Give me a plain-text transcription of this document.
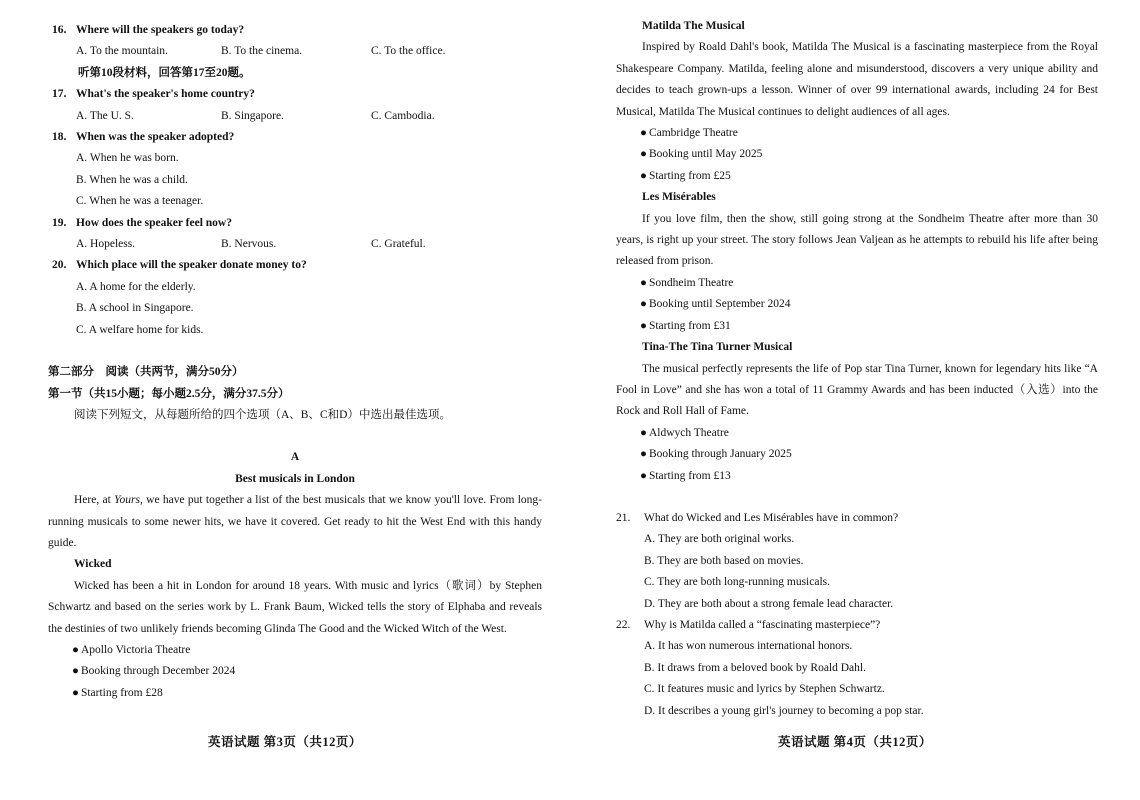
16. Where will the speakers go today?
A. To the mountain.	B. To the cinema.	C. To the office.
听第10段材料，回答第17至20题。
17. What's the speaker's home country?
A. The U. S.	B. Singapore.	C. Cambodia.
18. When was the speaker adopted?
A. When he was born.
B. When he was a child.
C. When he was a teenager.
19. How does the speaker feel now?
A. Hopeless.	B. Nervous.	C. Grateful.
20. Which place will the speaker donate money to?
A. A home for the elderly.
B. A school in Singapore.
C. A welfare home for kids.
第二部分　阅读（共两节，满分50分）
第一节（共15小题；每小题2.5分，满分37.5分）
阅读下列短文，从每题所给的四个选项（A、B、C和D）中选出最佳选项。
A
Best musicals in London
Here, at Yours, we have put together a list of the best musicals that we know you'll love. From long-running musicals to some newer hits, we have it covered. Get ready to hit the West End with this handy guide.
Wicked
Wicked has been a hit in London for around 18 years. With music and lyrics（歌词）by Stephen Schwartz and based on the series work by L. Frank Baum, Wicked tells the story of Elphaba and reveals the destinies of two unlikely friends becoming Glinda The Good and the Wicked Witch of the West.
● Apollo Victoria Theatre
● Booking through December 2024
● Starting from £28
英语试题 第3页（共12页）
Matilda The Musical
Inspired by Roald Dahl's book, Matilda The Musical is a fascinating masterpiece from the Royal Shakespeare Company. Matilda, feeling alone and misunderstood, discovers a very unique ability and decides to teach grown-ups a lesson. Winner of over 99 international awards, including 24 for Best Musical, Matilda The Musical continues to delight audiences of all ages.
● Cambridge Theatre
● Booking until May 2025
● Starting from £25
Les Misérables
If you love film, then the show, still going strong at the Sondheim Theatre after more than 30 years, is right up your street. The story follows Jean Valjean as he attempts to rebuild his life after being released from prison.
● Sondheim Theatre
● Booking until September 2024
● Starting from £31
Tina-The Tina Turner Musical
The musical perfectly represents the life of Pop star Tina Turner, known for legendary hits like “A Fool in Love” and she has won a total of 11 Grammy Awards and has been inducted（入选）into the Rock and Roll Hall of Fame.
● Aldwych Theatre
● Booking through January 2025
● Starting from £13
21. What do Wicked and Les Misérables have in common?
A. They are both original works.
B. They are both based on movies.
C. They are both long-running musicals.
D. They are both about a strong female lead character.
22. Why is Matilda called a “fascinating masterpiece”?
A. It has won numerous international honors.
B. It draws from a beloved book by Roald Dahl.
C. It features music and lyrics by Stephen Schwartz.
D. It describes a young girl's journey to becoming a pop star.
英语试题 第4页（共12页）
